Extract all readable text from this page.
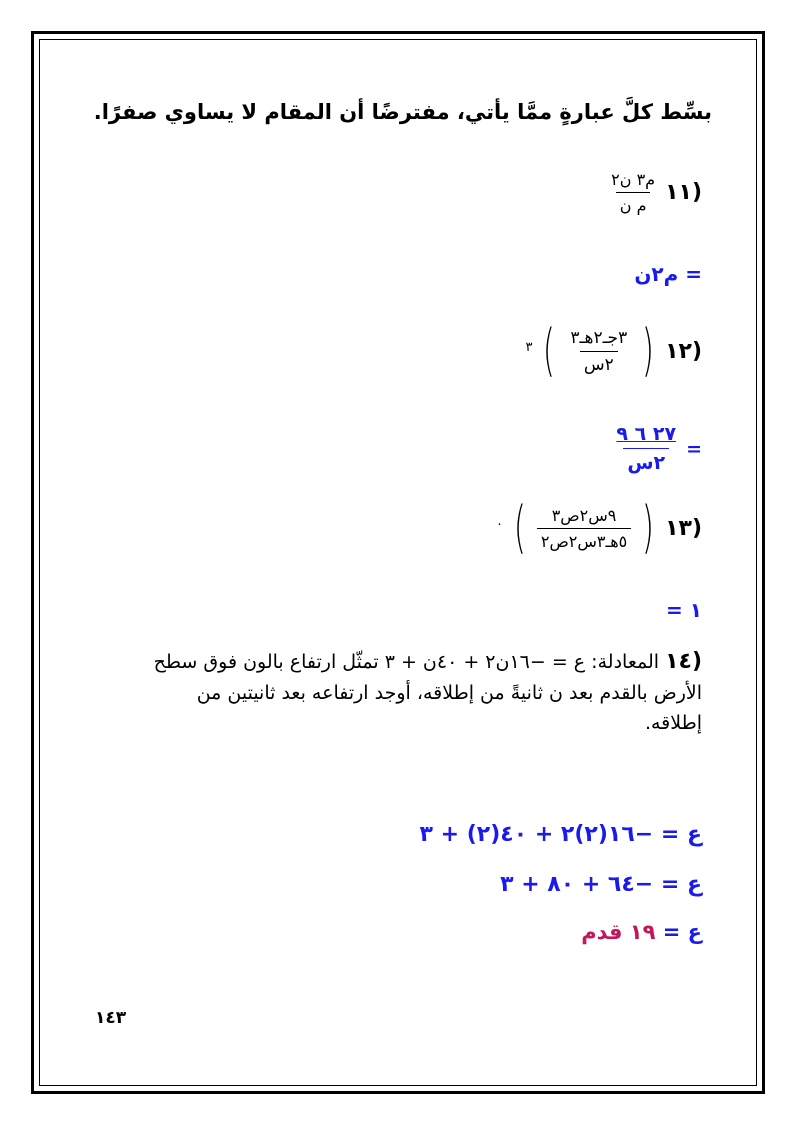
بسِّط كلَّ عبارةٍ ممَّا يأتي، مفترضًا أن المقام لا يساوي صفرًا.
(١١
$\frac{\text{م٣ ن٢}}{\text{م ن}}$
= م٢ن
(١٢
(
$\frac{\text{٣جـ٢هـ٣}}{\text{٢س}}$
)
٣
=
$\frac{٢٧ ٦ ٩}{\text{٢س}}$
(١٣
(
$\frac{\text{٩س٢ص٣}}{\text{٥هـ٣س٢ص٢}}$
)
٠
١ =
(١٤ المعادلة: ع = −١٦ن٢ + ٤٠ن + ٣ تمثّل ارتفاع بالون فوق سطح الأرض بالقدم بعد ن ثانيةً من إطلاقه، أوجد ارتفاعه بعد ثانيتين من إطلاقه.
ع = −١٦(٢)٢ + ٤٠(٢) + ٣
ع = −٦٤ + ٨٠ + ٣
ع = ١٩ قدم
١٤٣
